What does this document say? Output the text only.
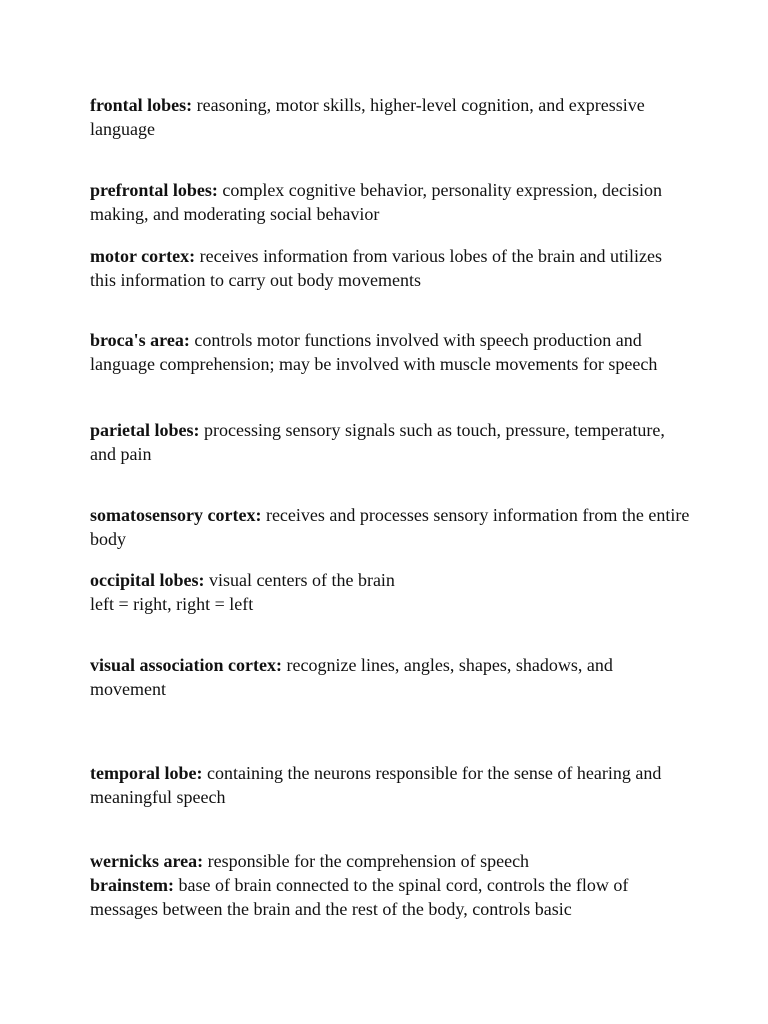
frontal lobes: reasoning, motor skills, higher-level cognition, and expressive language

prefrontal lobes: complex cognitive behavior, personality expression, decision making, and moderating social behavior

motor cortex: receives information from various lobes of the brain and utilizes this information to carry out body movements

broca's area: controls motor functions involved with speech production and language comprehension; may be involved with muscle movements for speech

parietal lobes: processing sensory signals such as touch, pressure, temperature, and pain

somatosensory cortex: receives and processes sensory information from the entire body

occipital lobes: visual centers of the brain
left = right, right = left

visual association cortex: recognize lines, angles, shapes, shadows, and movement

temporal lobe: containing the neurons responsible for the sense of hearing and meaningful speech

wernicks area: responsible for the comprehension of speech

brainstem: base of brain connected to the spinal cord, controls the flow of messages between the brain and the rest of the body, controls basic
